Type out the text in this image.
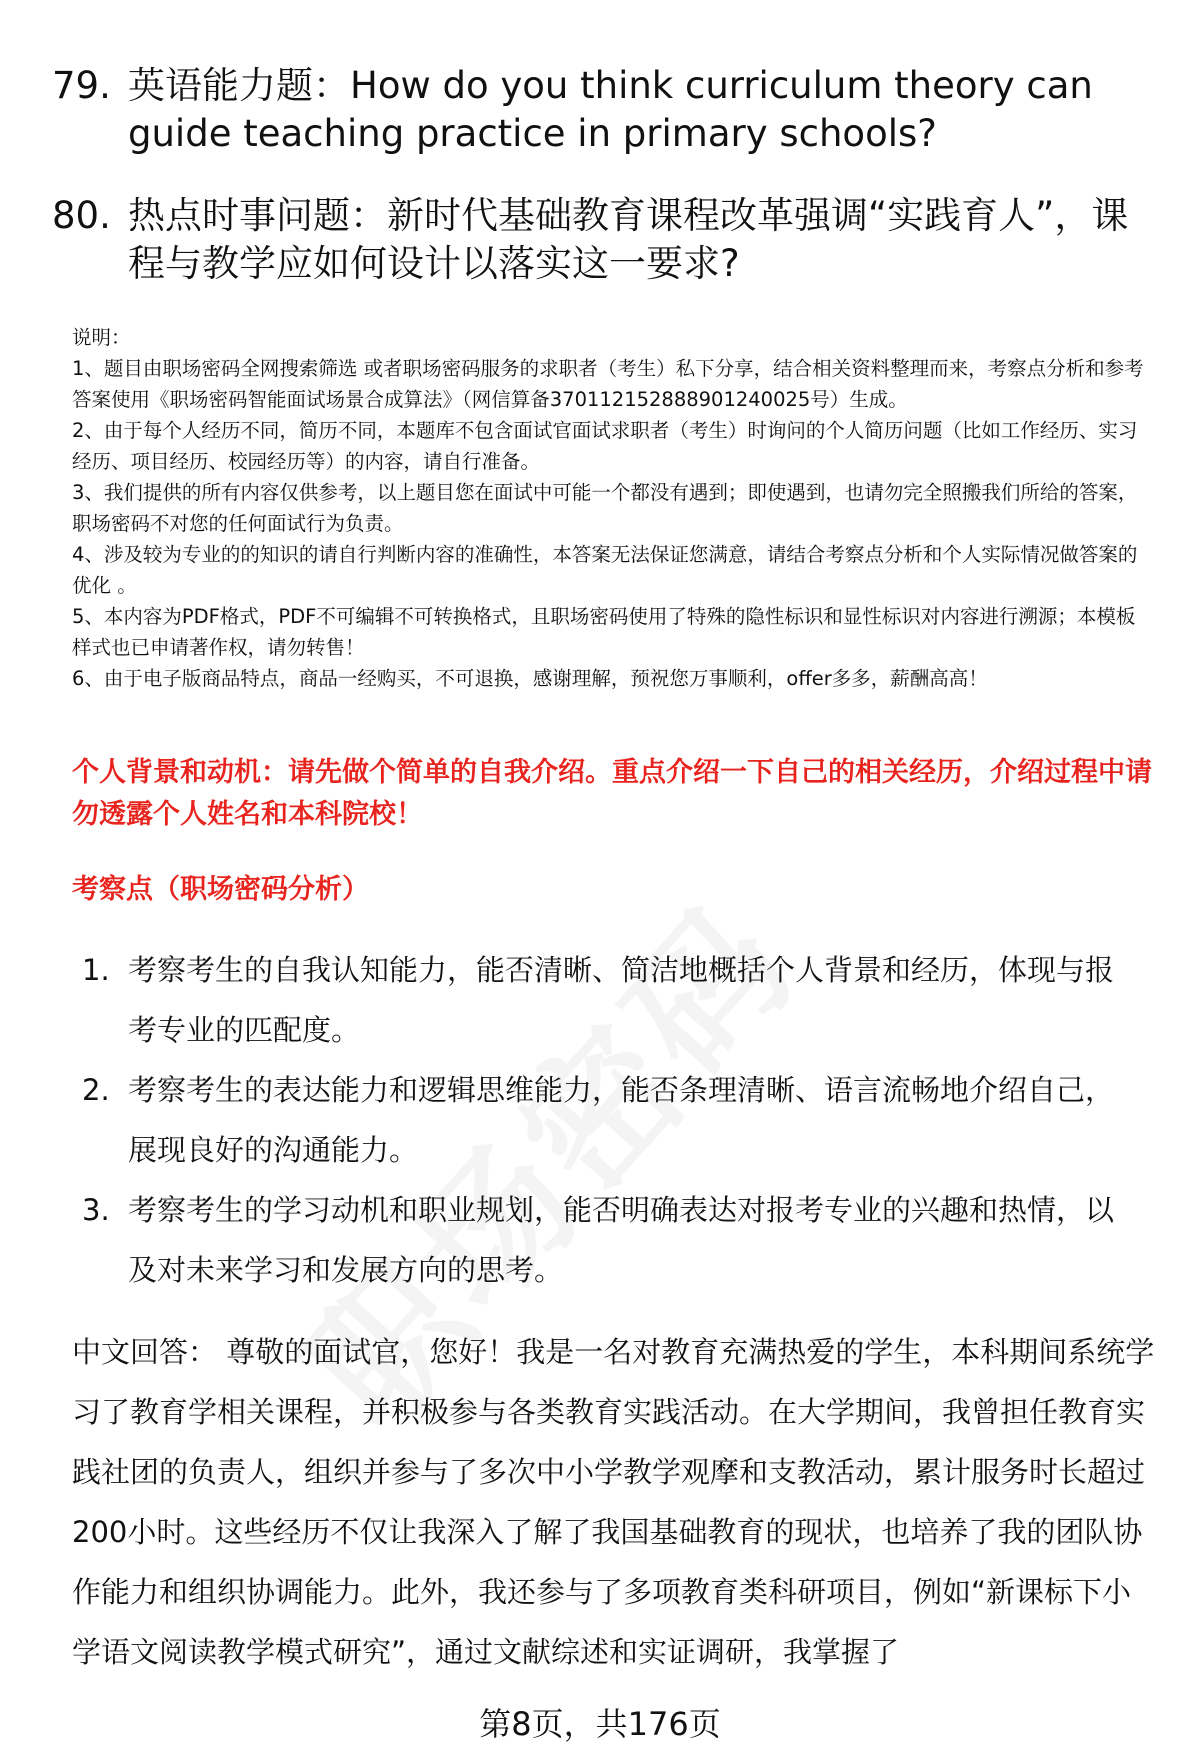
79. 英语能力题：How do you think curriculum theory can guide teaching practice in primary schools?
80. 热点时事问题：新时代基础教育课程改革强调“实践育人”，课程与教学应如何设计以落实这一要求?

说明：

1、题目由职场密码全网搜索筛选 或者职场密码服务的求职者（考生）私下分享，结合相关资料整理而来，考察点分析和参考答案使用《职场密码智能面试场景合成算法》（网信算备370112152888901240025号）生成。

2、由于每个人经历不同，简历不同，本题库不包含面试官面试求职者（考生）时询问的个人简历问题（比如工作经历、实习经历、项目经历、校园经历等）的内容，请自行准备。

3、我们提供的所有内容仅供参考，以上题目您在面试中可能一个都没有遇到；即使遇到，也请勿完全照搬我们所给的答案，职场密码不对您的任何面试行为负责。

4、涉及较为专业的的知识的请自行判断内容的准确性，本答案无法保证您满意，请结合考察点分析和个人实际情况做答案的优化 。

5、本内容为PDF格式，PDF不可编辑不可转换格式，且职场密码使用了特殊的隐性标识和显性标识对内容进行溯源；本模板样式也已申请著作权，请勿转售！

6、由于电子版商品特点，商品一经购买，不可退换，感谢理解，预祝您万事顺利，offer多多，薪酬高高！

个人背景和动机：请先做个简单的自我介绍。重点介绍一下自己的相关经历，介绍过程中请勿透露个人姓名和本科院校！
考察点（职场密码分析）
1. 考察考生的自我认知能力，能否清晰、简洁地概括个人背景和经历，体现与报考专业的匹配度。
2. 考察考生的表达能力和逻辑思维能力，能否条理清晰、语言流畅地介绍自己，展现良好的沟通能力。
3. 考察考生的学习动机和职业规划，能否明确表达对报考专业的兴趣和热情，以及对未来学习和发展方向的思考。
中文回答： 尊敬的面试官，您好！我是一名对教育充满热爱的学生，本科期间系统学习了教育学相关课程，并积极参与各类教育实践活动。在大学期间，我曾担任教育实践社团的负责人，组织并参与了多次中小学教学观摩和支教活动，累计服务时长超过200小时。这些经历不仅让我深入了解了我国基础教育的现状，也培养了我的团队协作能力和组织协调能力。此外，我还参与了多项教育类科研项目，例如“新课标下小学语文阅读教学模式研究”，通过文献综述和实证调研，我掌握了
第8页，共176页
